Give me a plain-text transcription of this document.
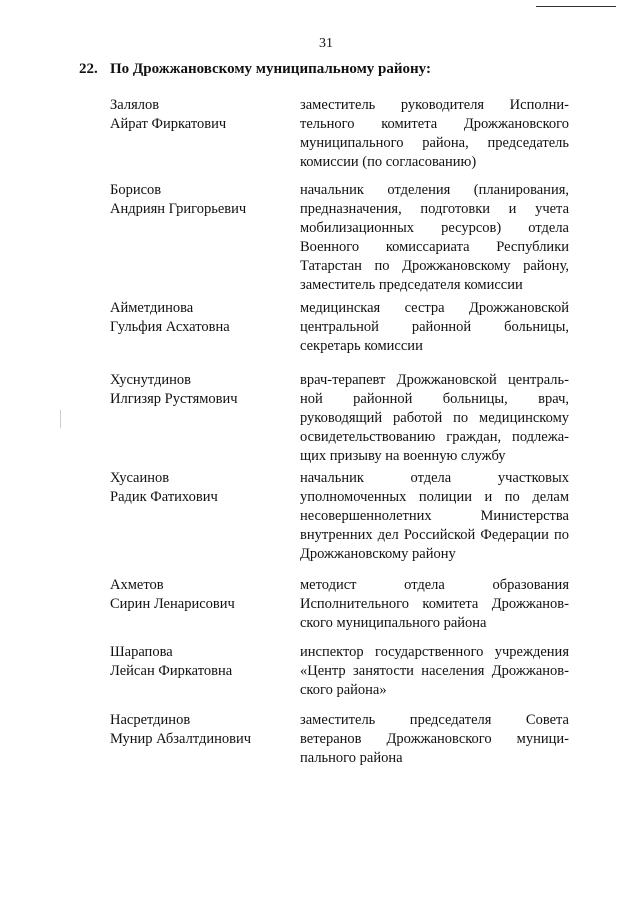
31
22. По Дрожжановскому муниципальному району:
Залялов
Айрат Фиркатович
заместитель руководителя Исполнительного комитета Дрожжановского муниципального района, председатель комиссии (по согласованию)
Борисов
Андриян Григорьевич
начальник отделения (планирования, предназначения, подготовки и учета мобилизационных ресурсов) отдела Военного комиссариата Республики Татарстан по Дрожжановскому району, заместитель председателя комиссии
Айметдинова
Гульфия Асхатовна
медицинская сестра Дрожжановской центральной районной больницы, секретарь комиссии
Хуснутдинов
Илгизяр Рустямович
врач-терапевт Дрожжановской центральной районной больницы, врач, руководящий работой по медицинскому освидетельствованию граждан, подлежащих призыву на военную службу
Хусаинов
Радик Фатихович
начальник отдела участковых уполномоченных полиции и по делам несовершеннолетних Министерства внутренних дел Российской Федерации по Дрожжановскому району
Ахметов
Сирин Ленарисович
методист отдела образования Исполнительного комитета Дрожжановского муниципального района
Шарапова
Лейсан Фиркатовна
инспектор государственного учреждения «Центр занятости населения Дрожжановского района»
Насретдинов
Мунир Абзалтдинович
заместитель председателя Совета ветеранов Дрожжановского муниципального района
